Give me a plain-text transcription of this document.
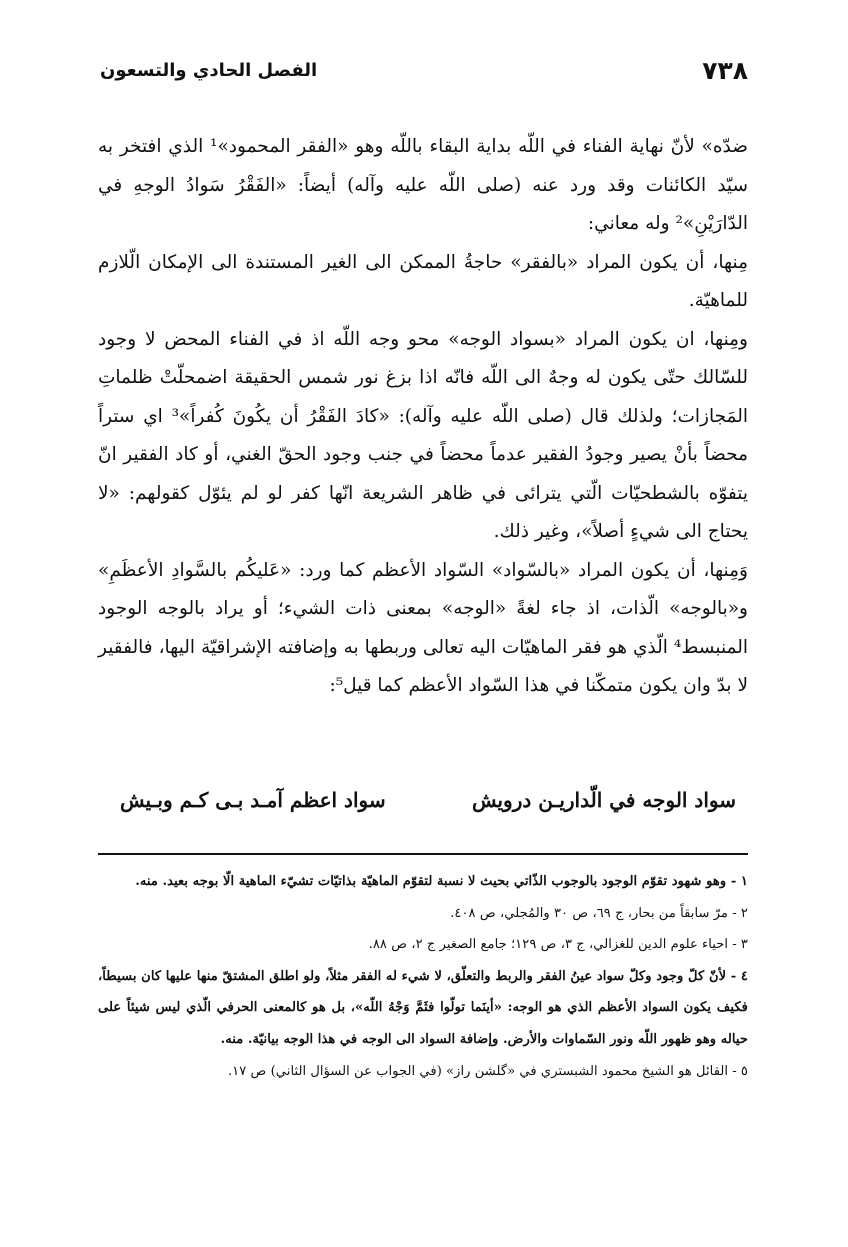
٧٣٨
الفصل الحادي والتسعون

ضدّه» لأنّ نهاية الفناء في اللّه بداية البقاء باللّه وهو «الفقر المحمود»¹ الذي افتخر به سيّد الكائنات وقد ورد عنه (صلى اللّه عليه وآله) أيضاً: «الفَقْرُ سَوادُ الوجهِ في الدّارَيْنِ»² وله معاني:

مِنها، أن يكون المراد «بالفقر» حاجةُ الممكن الى الغير المستندة الى الإمكان الّلازم للماهيّة.

ومِنها، ان يكون المراد «بسواد الوجه» محو وجه اللّه اذ في الفناء المحض لا وجود للسّالك حتّى يكون له وجهٌ الى اللّه فانّه اذا بزغ نور شمس الحقيقة اضمحلّتْ ظلماتِ المَجازات؛ ولذلك قال (صلى اللّه عليه وآله): «كادَ الفَقْرُ أن يكُونَ كُفراً»³ اي ستراً محضاً بأنْ يصير وجودُ الفقير عدماً محضاً في جنب وجود الحقّ الغني، أو كاد الفقير انّ يتفوّه بالشطحيّات الّتي يترائى في ظاهر الشريعة انّها كفر لو لم يئوّل كقولهم: «لا يحتاج الى شيءٍ أصلاً»، وغير ذلك.

وَمِنها، أن يكون المراد «بالسّواد» السّواد الأعظم كما ورد: «عَليكُم بالسَّوادِ الأعظَمِ» و«بالوجه» الّذات، اذ جاء لغةً «الوجه» بمعنى ذات الشيء؛ أو يراد بالوجه الوجود المنبسط⁴ الّذي هو فقر الماهيّات اليه تعالى وربطها به وإضافته الإشراقيّة اليها، فالفقير لا بدّ وان يكون متمكّنا في هذا السّواد الأعظم كما قيل⁵:

سواد الوجه في الّداريـن درويش
سواد اعظم آمـد بـى كـم وبـيش

١ - وهو شهود تقوّم الوجود بالوجوب الذّاتي بحيث لا نسبة لتقوّم الماهيّة بذاتيّات تشيّء الماهية الّا بوجه بعيد. منه.

٢ - مرّ سابقاً من بحار، ج ٦٩، ص ٣٠ والمُجلي، ص ٤٠٨.

٣ - احياء علوم الدين للغزالي، ج ٣، ص ١٢٩؛ جامع الصغير ج ٢، ص ٨٨.

٤ - لأنّ كلّ وجود وكلّ سواد عينُ الفقر والربط والتعلّق، لا شيء له الفقر مثلاً، ولو اطلق المشتقّ منها عليها كان بسيطاً، فكيف يكون السواد الأعظم الذي هو الوجه: «أينَما تولّوا فثَمَّ وَجْهُ اللّه»، بل هو كالمعنى الحرفي الّذي ليس شيئاً على حياله وهو ظهور اللّه ونور السّماوات والأرض. وإضافة السواد الى الوجه في هذا الوجه بيانيّة. منه.

٥ - القائل هو الشيخ محمود الشبستري في «گلشن راز» (في الجواب عن السؤال الثاني) ص ١٧.
